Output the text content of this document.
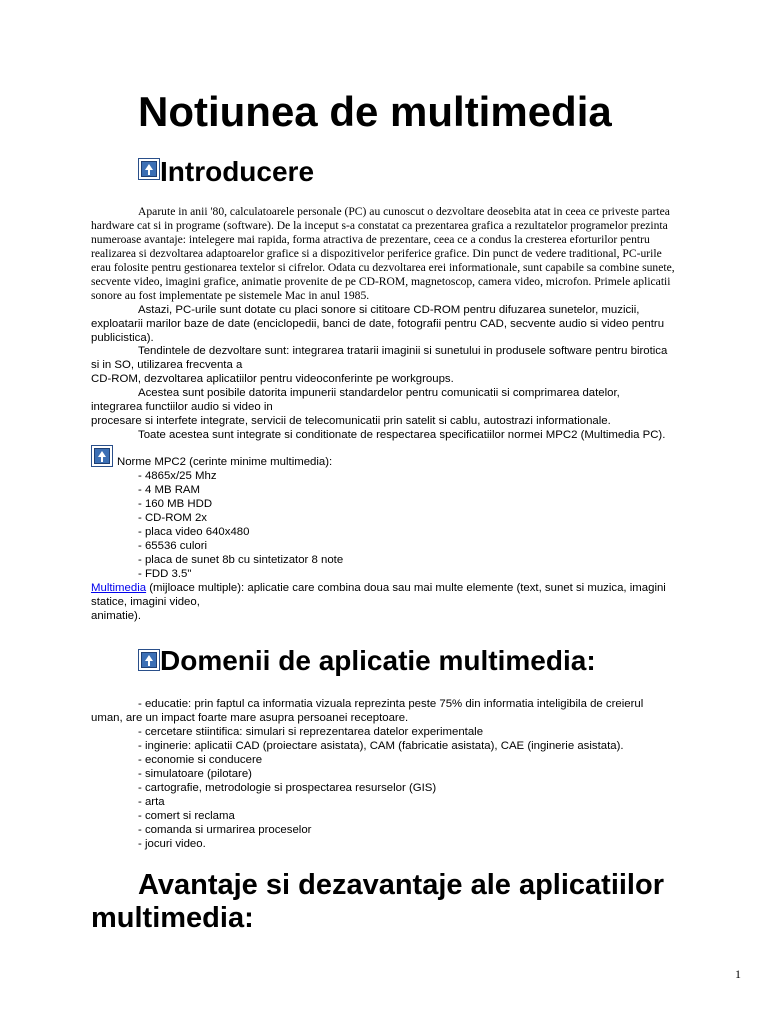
Notiunea de multimedia
Introducere
Aparute in anii '80, calculatoarele personale (PC) au cunoscut o dezvoltare deosebita atat in ceea ce priveste partea
hardware cat si in programe (software). De la inceput s-a constatat ca prezentarea grafica a rezultatelor programelor prezinta
numeroase avantaje: intelegere mai rapida, forma atractiva de prezentare, ceea ce a condus la cresterea eforturilor pentru
realizarea si dezvoltarea adaptoarelor grafice si a dispozitivelor periferice grafice. Din punct de vedere traditional, PC-urile
erau folosite pentru gestionarea textelor si cifrelor. Odata cu dezvoltarea erei informationale, sunt capabile sa combine sunete,
secvente video, imagini grafice, animatie provenite de pe CD-ROM, magnetoscop, camera video, microfon. Primele aplicatii
sonore au fost implementate pe sistemele Mac in anul 1985.
Astazi, PC-urile sunt dotate cu placi sonore si cititoare CD-ROM pentru difuzarea sunetelor, muzicii,
exploatarii marilor baze de date (enciclopedii, banci de date, fotografii pentru CAD, secvente audio si video pentru
publicistica).
Tendintele de dezvoltare sunt: integrarea tratarii imaginii si sunetului in produsele software pentru birotica
si in SO, utilizarea frecventa a
CD-ROM, dezvoltarea aplicatiilor pentru videoconferinte pe workgroups.
Acestea sunt posibile datorita impunerii standardelor pentru comunicatii si comprimarea datelor,
integrarea functiilor audio si video in
procesare si interfete integrate, servicii de telecomunicatii prin satelit si cablu, autostrazi informationale.
Toate acestea sunt integrate si conditionate de respectarea specificatiilor normei MPC2 (Multimedia PC).
Norme MPC2 (cerinte minime multimedia):
- 4865x/25 Mhz
- 4 MB RAM
- 160 MB HDD
- CD-ROM 2x
- placa video 640x480
- 65536 culori
- placa de sunet 8b cu sintetizator 8 note
- FDD 3.5"
Multimedia (mijloace multiple): aplicatie care combina doua sau mai multe elemente (text, sunet si muzica, imagini
statice, imagini video,
animatie).
Domenii de aplicatie multimedia:
- educatie: prin faptul ca informatia vizuala reprezinta peste 75% din informatia inteligibila de creierul
uman, are un impact foarte mare asupra persoanei receptoare.
- cercetare stiintifica: simulari si reprezentarea datelor experimentale
- inginerie: aplicatii CAD (proiectare asistata), CAM (fabricatie asistata), CAE (inginerie asistata).
- economie si conducere
- simulatoare (pilotare)
- cartografie, metrodologie si prospectarea resurselor (GIS)
- arta
- comert si reclama
- comanda si urmarirea proceselor
- jocuri video.
Avantaje si dezavantaje ale aplicatiilor
multimedia:
1
